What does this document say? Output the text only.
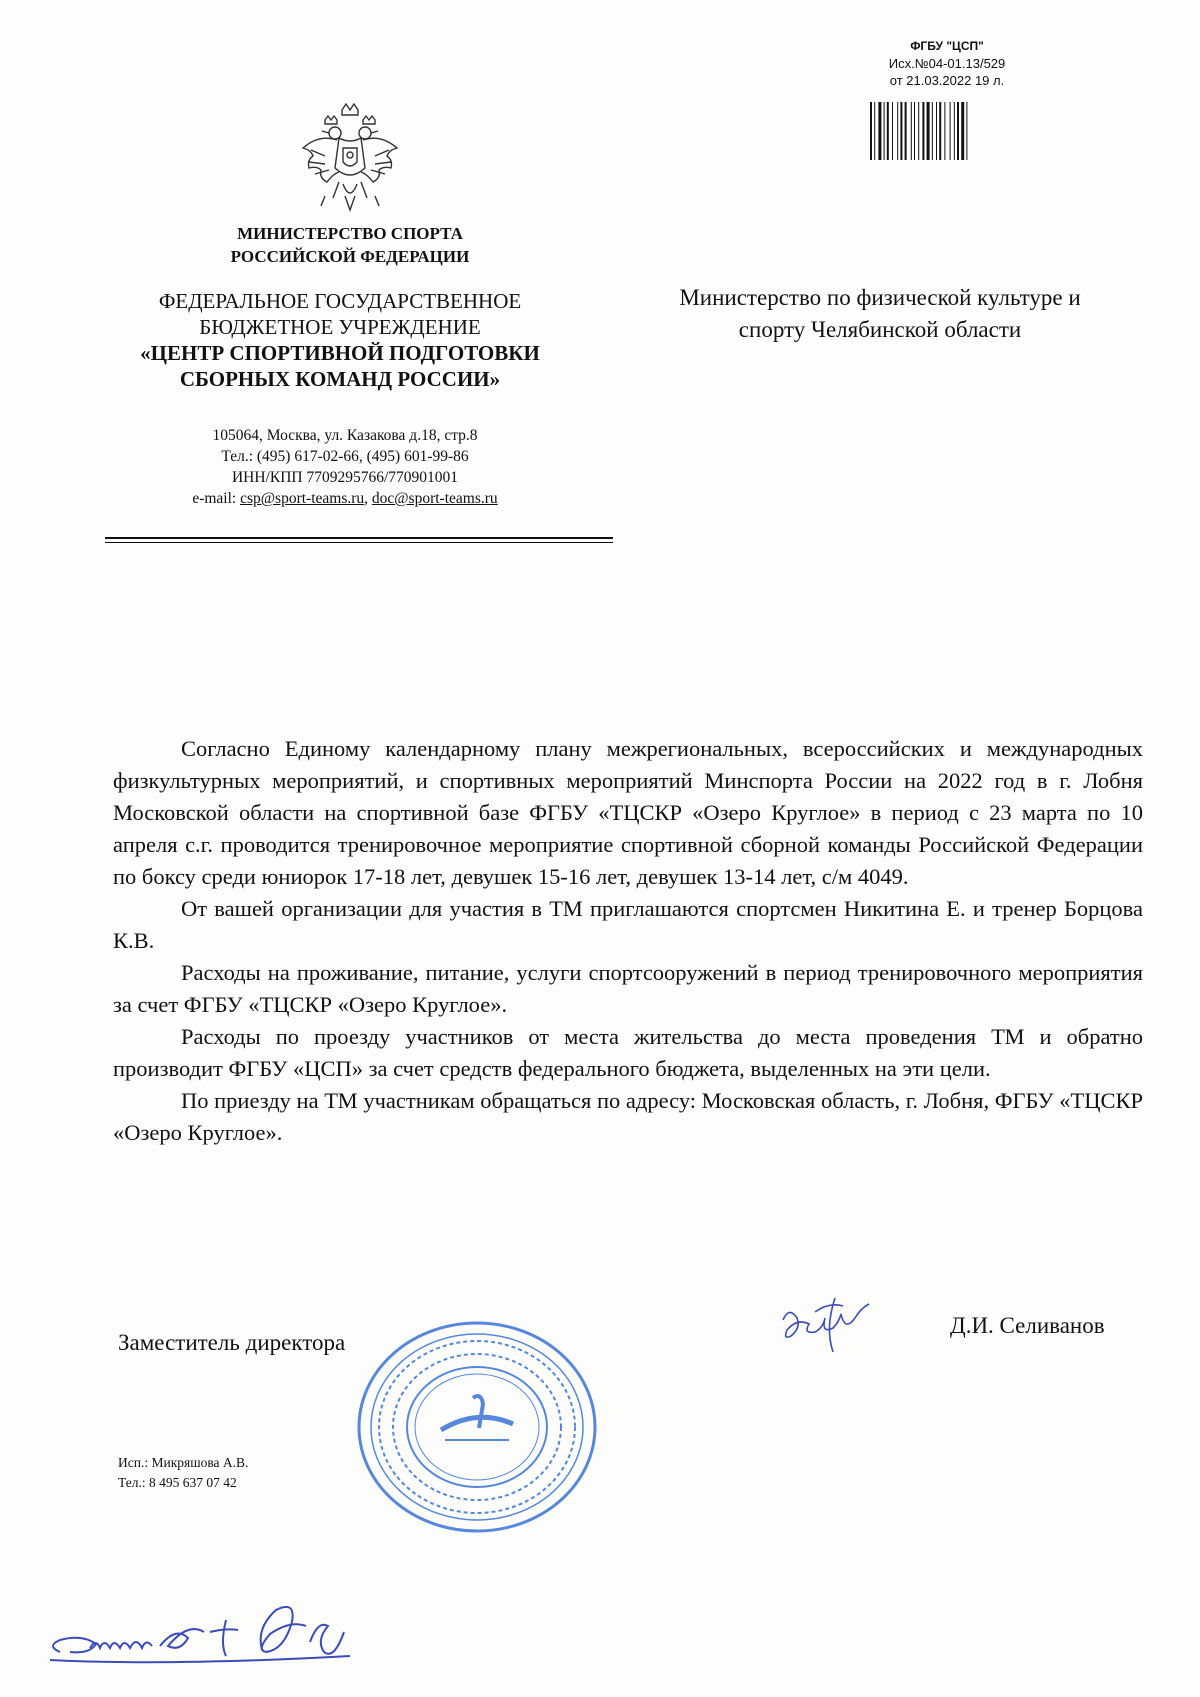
ФГБУ "ЦСП"
Исх.№04-01.13/529
от 21.03.2022 19 л.
МИНИСТЕРСТВО СПОРТА
РОССИЙСКОЙ ФЕДЕРАЦИИ
ФЕДЕРАЛЬНОЕ ГОСУДАРСТВЕННОЕ
БЮДЖЕТНОЕ УЧРЕЖДЕНИЕ
«ЦЕНТР СПОРТИВНОЙ ПОДГОТОВКИ
СБОРНЫХ КОМАНД РОССИИ»
105064, Москва, ул. Казакова д.18, стр.8
Тел.: (495) 617-02-66, (495) 601-99-86
ИНН/КПП 7709295766/770901001
e-mail: csp@sport-teams.ru, doc@sport-teams.ru
Министерство по физической культуре и
спорту Челябинской области

Согласно Единому календарному плану межрегиональных, всероссийских и международных физкультурных мероприятий, и спортивных мероприятий Минспорта России на 2022 год в г. Лобня Московской области на спортивной базе ФГБУ «ТЦСКР «Озеро Круглое» в период с 23 марта по 10 апреля с.г. проводится тренировочное мероприятие спортивной сборной команды Российской Федерации по боксу среди юниорок 17-18 лет, девушек 15-16 лет, девушек 13-14 лет, с/м 4049.

От вашей организации для участия в ТМ приглашаются спортсмен Никитина Е. и тренер Борцова К.В.

Расходы на проживание, питание, услуги спортсооружений в период тренировочного мероприятия за счет ФГБУ «ТЦСКР «Озеро Круглое».

Расходы по проезду участников от места жительства до места проведения ТМ и обратно производит ФГБУ «ЦСП» за счет средств федерального бюджета, выделенных на эти цели.

По приезду на ТМ участникам обращаться по адресу: Московская область, г. Лобня, ФГБУ «ТЦСКР «Озеро Круглое».

Заместитель директора
Д.И. Селиванов
Исп.: Микряшова А.В.
Тел.: 8 495 637 07 42
